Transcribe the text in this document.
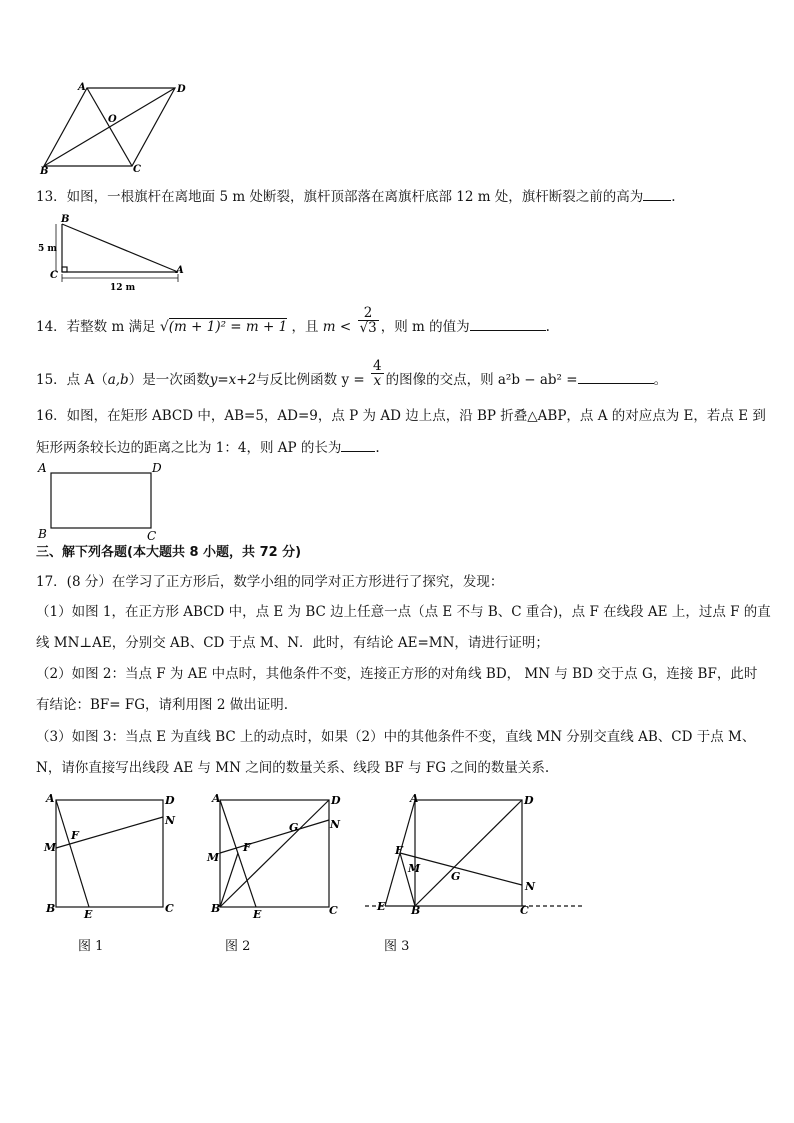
A	D
O
B	C
13．如图，一根旗杆在离地面 5 m 处断裂，旗杆顶部落在离旗杆底部 12 m 处，旗杆断裂之前的高为 .
B
C	A
5 m
12 m
14．若整数 m 满足 √(m + 1)² = m + 1 ，且 $m < \frac{2}{√3}$ ，则 m 的值为	.
15．点 A（a,b）是一次函数y=x+2与反比例函数 $y = \frac{4}{x}$ 的图像的交点，则 a²b − ab² =	。
16．如图，在矩形 ABCD 中，AB=5，AD=9，点 P 为 AD 边上点，沿 BP 折叠△ABP，点 A 的对应点为 E，若点 E 到
矩形两条较长边的距离之比为 1：4，则 AP 的长为	.
A	D
B	C
三、解下列各题(本大题共 8 小题，共 72 分)
17．(8 分）在学习了正方形后，数学小组的同学对正方形进行了探究，发现：
（1）如图 1，在正方形 ABCD 中，点 E 为 BC 边上任意一点（点 E 不与 B、C 重合)，点 F 在线段 AE 上，过点 F 的直
线 MN⊥AE，分别交 AB、CD 于点 M、N．此时，有结论 AE=MN，请进行证明；
（2）如图 2：当点 F 为 AE 中点时，其他条件不变，连接正方形的对角线 BD， MN 与 BD 交于点 G，连接 BF，此时
有结论：BF= FG，请利用图 2 做出证明.
（3）如图 3：当点 E 为直线 BC 上的动点时，如果（2）中的其他条件不变，直线 MN 分别交直线 AB、CD 于点 M、
N，请你直接写出线段 AE 与 MN 之间的数量关系、线段 BF 与 FG 之间的数量关系.
A	D
F
N
M
B	E	C
A	D
G	N
F
M
B	E	C
A	D
F
M
G
N
E B	C
图 1	图 2	图 3
